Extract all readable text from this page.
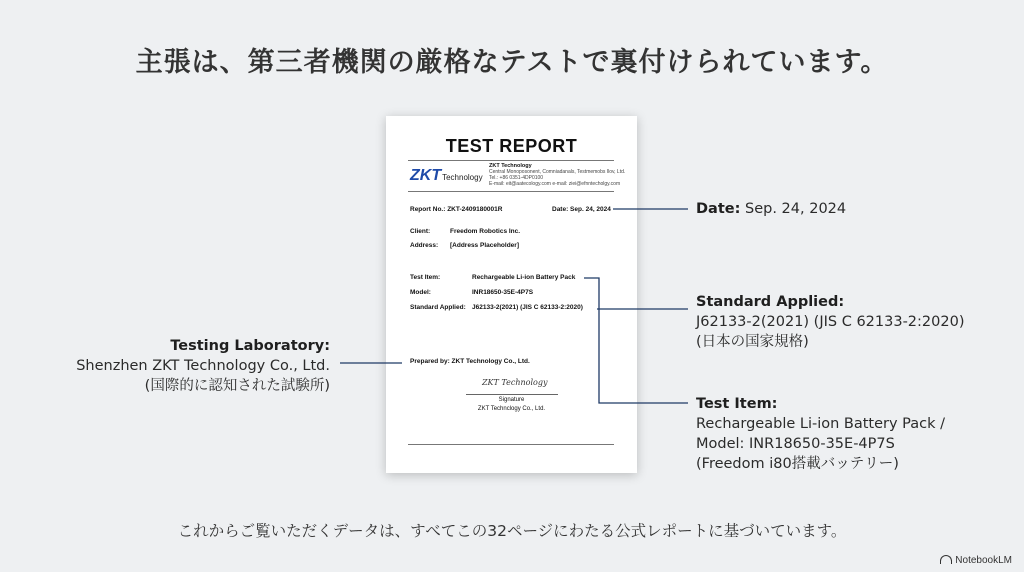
主張は、第三者機関の厳格なテストで裏付けられています。
TEST REPORT
ZKTTechnology
ZKT Technology
Central Monoposonent, Comniadanals, Testmemobs Ilov, Ltd.
Tel.: +86 0351-4DP0100
E-mail: eit@aatecology.com e-mail: ziei@efnntecholgy.com
Report No.: ZKT-2409180001R	Date: Sep. 24, 2024
Client:	Freedom Robotics Inc.
Address: [Address Placeholder]
Test Item:	Rechargeable Li-ion Battery Pack
Model:	INR18650-35E-4P7S
Standard Applied: J62133-2(2021) (JIS C 62133-2:2020)
Prepared by: ZKT Technology Co., Ltd.
ZKT Technology
Signature
ZKT Technclogy Co., Ltd.
Date: Sep. 24, 2024
Standard Applied:
J62133-2(2021) (JIS C 62133-2:2020)
(日本の国家規格)
Test Item:
Rechargeable Li-ion Battery Pack /
Model: INR18650-35E-4P7S
(Freedom i80搭載バッテリー)
Testing Laboratory:
Shenzhen ZKT Technology Co., Ltd.
(国際的に認知された試験所)
これからご覧いただくデータは、すべてこの32ページにわたる公式レポートに基づいています。
NotebookLM
